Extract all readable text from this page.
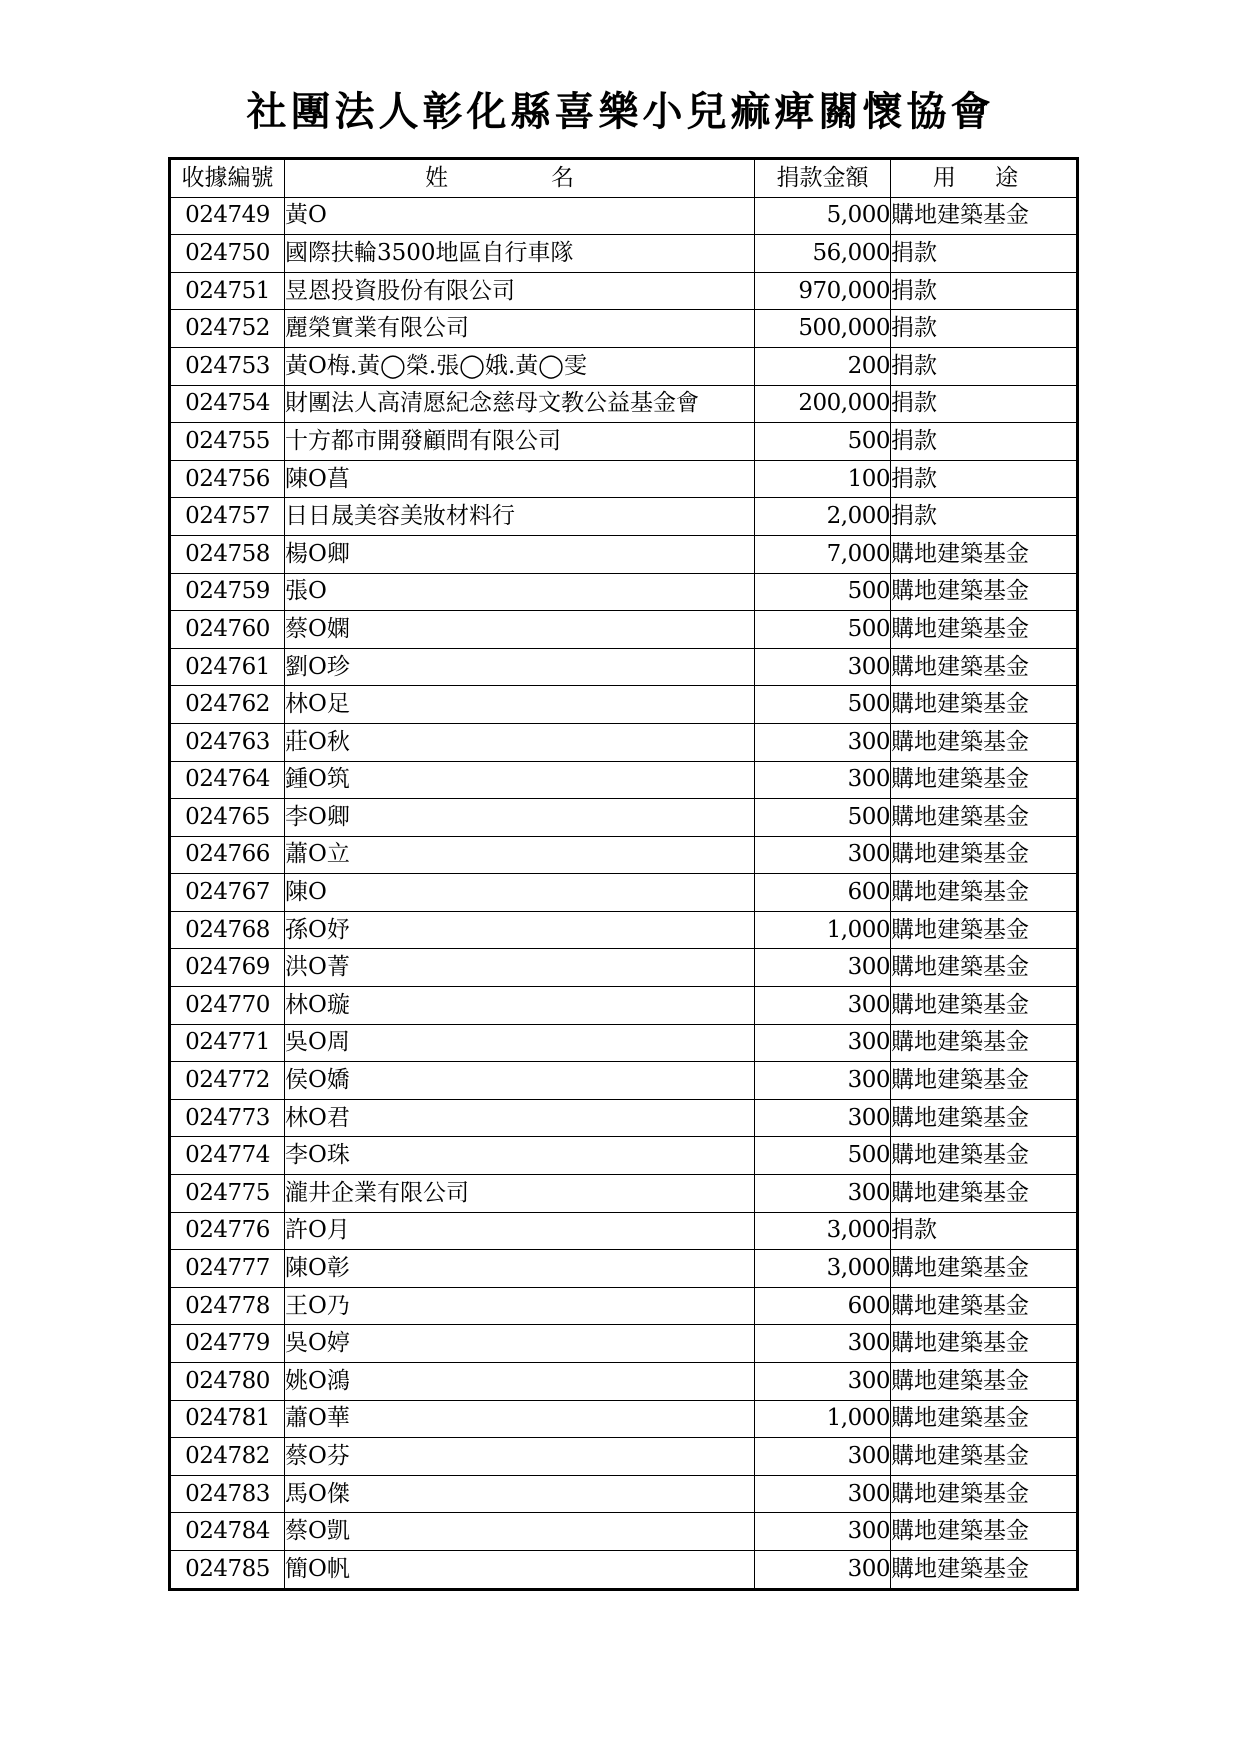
社團法人彰化縣喜樂小兒痲痺關懷協會
收據編號	姓　名	捐款金額	用 途
024749	黃O	5,000	購地建築基金
024750	國際扶輪3500地區自行車隊	56,000	捐款
024751	昱恩投資股份有限公司	970,000	捐款
024752	麗榮實業有限公司	500,000	捐款
024753	黃O梅.黃◯榮.張◯娥.黃◯雯	200	捐款
024754	財團法人高清愿紀念慈母文教公益基金會	200,000	捐款
024755	十方都市開發顧問有限公司	500	捐款
024756	陳O菖	100	捐款
024757	日日晟美容美妝材料行	2,000	捐款
024758	楊O卿	7,000	購地建築基金
024759	張O	500	購地建築基金
024760	蔡O嫻	500	購地建築基金
024761	劉O珍	300	購地建築基金
024762	林O足	500	購地建築基金
024763	莊O秋	300	購地建築基金
024764	鍾O筑	300	購地建築基金
024765	李O卿	500	購地建築基金
024766	蕭O立	300	購地建築基金
024767	陳O	600	購地建築基金
024768	孫O妤	1,000	購地建築基金
024769	洪O菁	300	購地建築基金
024770	林O璇	300	購地建築基金
024771	吳O周	300	購地建築基金
024772	侯O嬌	300	購地建築基金
024773	林O君	300	購地建築基金
024774	李O珠	500	購地建築基金
024775	瀧井企業有限公司	300	購地建築基金
024776	許O月	3,000	捐款
024777	陳O彰	3,000	購地建築基金
024778	王O乃	600	購地建築基金
024779	吳O婷	300	購地建築基金
024780	姚O鴻	300	購地建築基金
024781	蕭O華	1,000	購地建築基金
024782	蔡O芬	300	購地建築基金
024783	馬O傑	300	購地建築基金
024784	蔡O凱	300	購地建築基金
024785	簡O帆	300	購地建築基金
